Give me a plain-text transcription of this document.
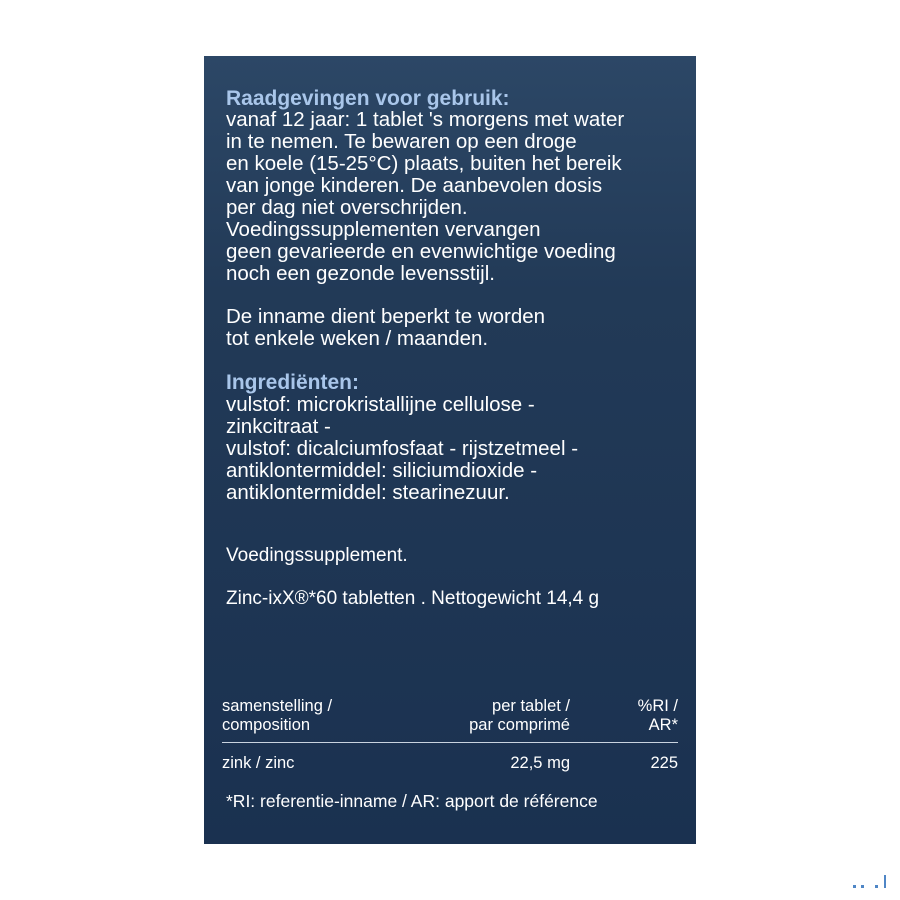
Raadgevingen voor gebruik:
vanaf 12 jaar: 1 tablet 's morgens met water
in te nemen. Te bewaren op een droge
en koele (15-25°C) plaats, buiten het bereik
van jonge kinderen. De aanbevolen dosis
per dag niet overschrijden.
Voedingssupplementen vervangen
geen gevarieerde en evenwichtige voeding
noch een gezonde levensstijl.
De inname dient beperkt te worden
tot enkele weken / maanden.
Ingrediënten:
vulstof: microkristallijne cellulose -
zinkcitraat -
vulstof: dicalciumfosfaat - rijstzetmeel -
antiklontermiddel: siliciumdioxide -
antiklontermiddel: stearinezuur.
Voedingssupplement.
Zinc-ixX®*60 tabletten . Nettogewicht 14,4 g
samenstelling /
composition
per tablet /
par comprimé
%RI /
AR*
zink / zinc	22,5 mg	225
*RI: referentie-inname / AR: apport de référence
